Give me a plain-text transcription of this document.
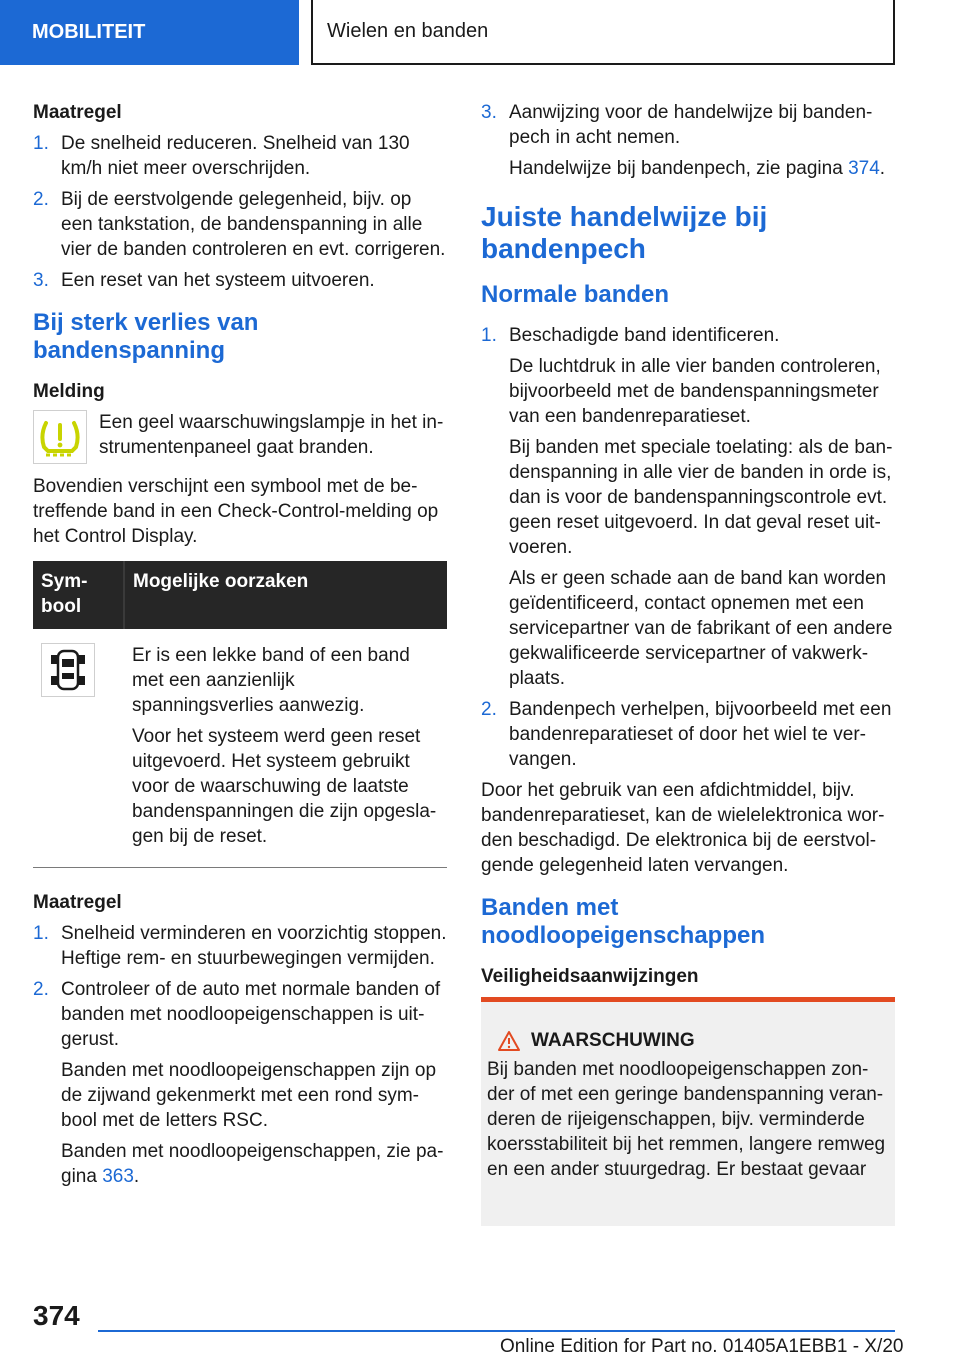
MOBILITEIT	Wielen en banden
Maatregel
1. De snelheid reduceren. Snelheid van 130 km/h niet meer overschrijden.

2. Bij de eerstvolgende gelegenheid, bijv. op een tankstation, de bandenspanning in alle vier de banden controleren en evt. corrigeren.

3. Een reset van het systeem uitvoeren.

Bij sterk verlies van bandenspanning
Melding
Een geel waarschuwingslampje in het instrumentenpaneel gaat branden.

Bovendien verschijnt een symbool met de betreffende band in een Check-Control-melding op het Control Display.

Symbool	Mogelijke oorzaken

Er is een lekke band of een band met een aanzienlijk spanningsverlies aanwezig.

Voor het systeem werd geen reset uitgevoerd. Het systeem gebruikt voor de waarschuwing de laatste bandenspanningen die zijn opgeslagen bij de reset.

Maatregel
1. Snelheid verminderen en voorzichtig stoppen. Heftige rem- en stuurbewegingen vermijden.

2. Controleer of de auto met normale banden of banden met noodloopeigenschappen is uitgerust.

Banden met noodloopeigenschappen zijn op de zijwand gekenmerkt met een rond symbool met de letters RSC.

Banden met noodloopeigenschappen, zie pagina 363.

3. Aanwijzing voor de handelwijze bij bandenpech in acht nemen.

Handelwijze bij bandenpech, zie pagina 374.

Juiste handelwijze bij bandenpech
Normale banden
1. Beschadigde band identificeren.

De luchtdruk in alle vier banden controleren, bijvoorbeeld met de bandenspanningsmeter van een bandenreparatieset.

Bij banden met speciale toelating: als de bandenspanning in alle vier de banden in orde is, dan is voor de bandenspanningscontrole evt. geen reset uitgevoerd. In dat geval reset uitvoeren.

Als er geen schade aan de band kan worden geïdentificeerd, contact opnemen met een servicepartner van de fabrikant of een andere gekwalificeerde servicepartner of vakwerkplaats.

2. Bandenpech verhelpen, bijvoorbeeld met een bandenreparatieset of door het wiel te vervangen.

Door het gebruik van een afdichtmiddel, bijv. bandenreparatieset, kan de wielelektronica worden beschadigd. De elektronica bij de eerstvolgende gelegenheid laten vervangen.

Banden met noodloopeigenschappen
Veiligheidsaanwijzingen
WAARSCHUWING
Bij banden met noodloopeigenschappen zonder of met een geringe bandenspanning veranderen de rijeigenschappen, bijv. verminderde koersstabiliteit bij het remmen, langere remweg en een ander stuurgedrag. Er bestaat gevaar
374
Online Edition for Part no. 01405A1EBB1 - X/20
